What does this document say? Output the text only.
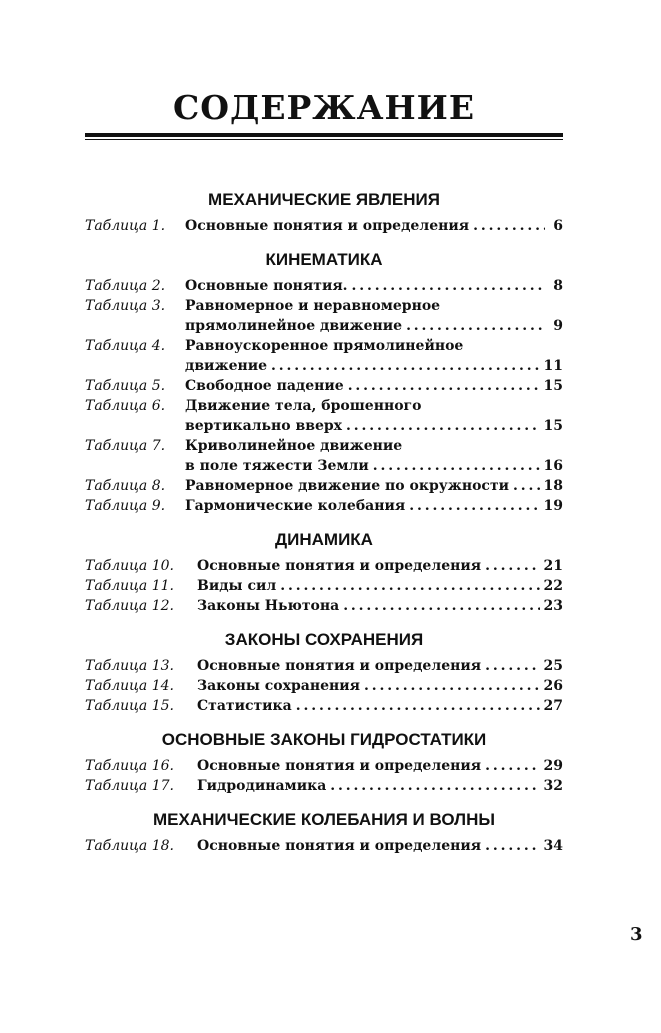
СОДЕРЖАНИЕ
МЕХАНИЧЕСКИЕ ЯВЛЕНИЯ
Таблица 1.	Основные понятия и определения . . .	6
КИНЕМАТИКА
Таблица 2.	Основные понятия. . . .	8
Таблица 3.	Равномерное и неравномерное
прямолинейное движение . . .	9
Таблица 4.	Равноускоренное прямолинейное
движение . . .	11
Таблица 5.	Свободное падение . . .	15
Таблица 6.	Движение тела, брошенного
вертикально вверх . . .	15
Таблица 7.	Криволинейное движение
в поле тяжести Земли . . .	16
Таблица 8.	Равномерное движение по окружности . . . 18
Таблица 9.	Гармонические колебания . . .	19
ДИНАМИКА
Таблица 10.	Основные понятия и определения . . .	21
Таблица 11.	Виды сил . . .	22
Таблица 12.	Законы Ньютона . . .	23
ЗАКОНЫ СОХРАНЕНИЯ
Таблица 13.	Основные понятия и определения . . .	25
Таблица 14.	Законы сохранения . . .	26
Таблица 15.	Статистика . . .	27
ОСНОВНЫЕ ЗАКОНЫ ГИДРОСТАТИКИ
Таблица 16.	Основные понятия и определения . . .	29
Таблица 17.	Гидродинамика . . .	32
МЕХАНИЧЕСКИЕ КОЛЕБАНИЯ И ВОЛНЫ
Таблица 18.	Основные понятия и определения . . .	34
3
